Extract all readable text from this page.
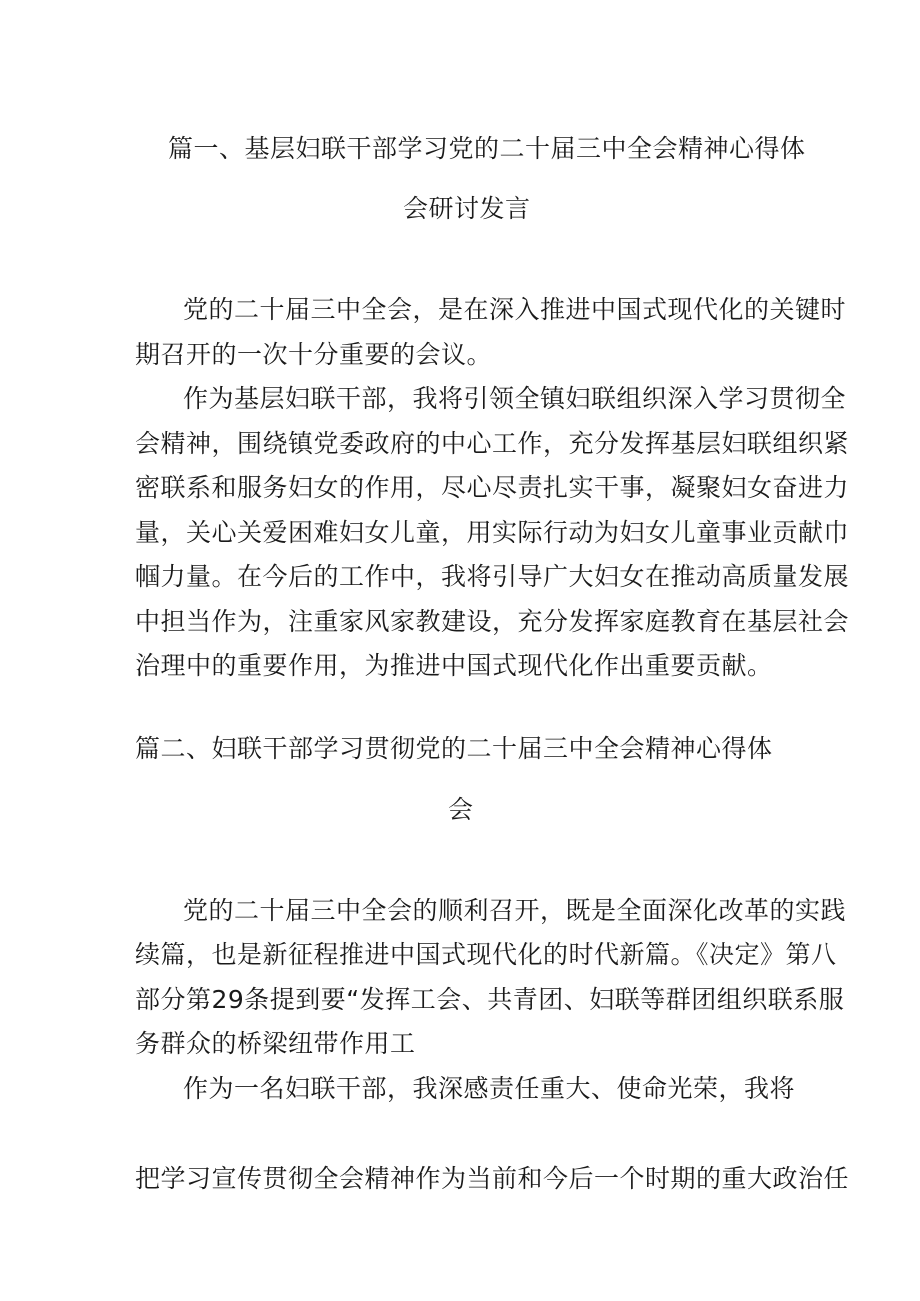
篇一、基层妇联干部学习党的二十届三中全会精神心得体
会研讨发言
党的二十届三中全会，是在深入推进中国式现代化的关键时
期召开的一次十分重要的会议。
作为基层妇联干部，我将引领全镇妇联组织深入学习贯彻全
会精神，围绕镇党委政府的中心工作，充分发挥基层妇联组织紧
密联系和服务妇女的作用，尽心尽责扎实干事，凝聚妇女奋进力
量，关心关爱困难妇女儿童，用实际行动为妇女儿童事业贡献巾
帼力量。在今后的工作中，我将引导广大妇女在推动高质量发展
中担当作为，注重家风家教建设，充分发挥家庭教育在基层社会
治理中的重要作用，为推进中国式现代化作出重要贡献。
篇二、妇联干部学习贯彻党的二十届三中全会精神心得体
会
党的二十届三中全会的顺利召开，既是全面深化改革的实践
续篇，也是新征程推进中国式现代化的时代新篇。《决定》第八
部分第29条提到要“发挥工会、共青团、妇联等群团组织联系服
务群众的桥梁纽带作用工
作为一名妇联干部，我深感责任重大、使命光荣，我将
把学习宣传贯彻全会精神作为当前和今后一个时期的重大政治任
